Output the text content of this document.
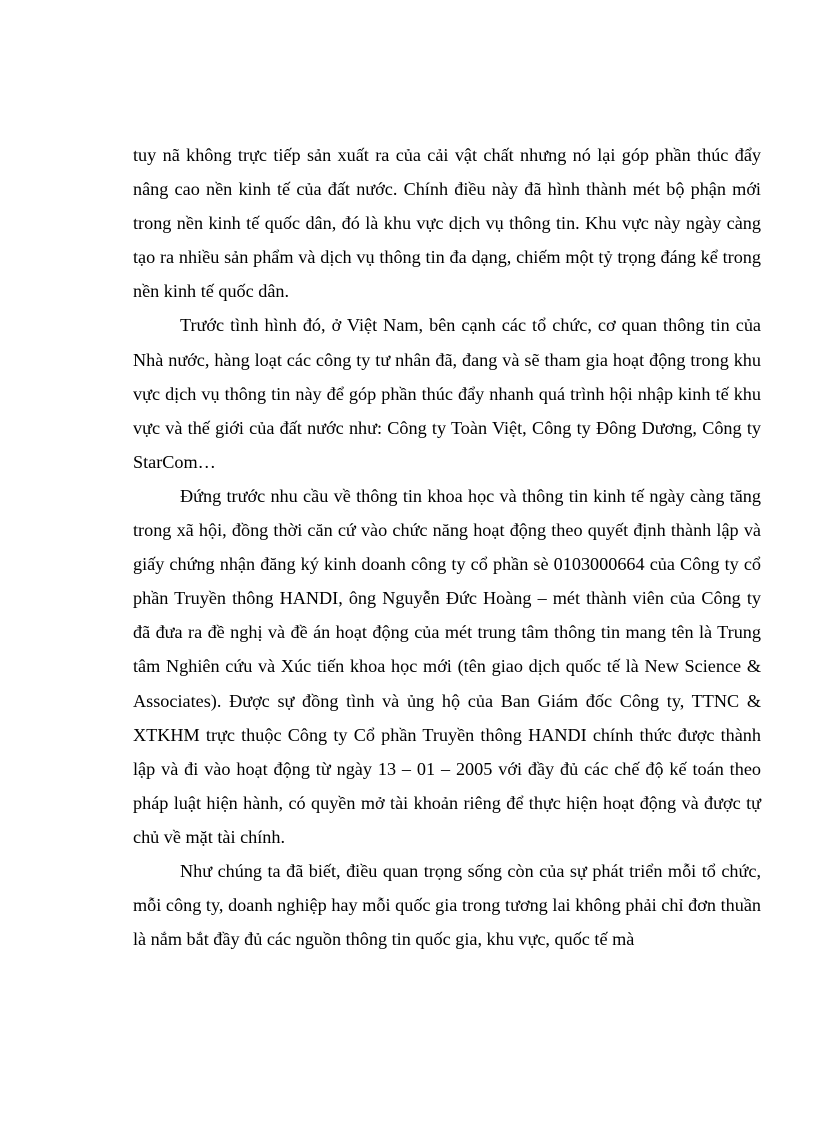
tuy nã không trực tiếp sản xuất ra của cải vật chất nhưng nó lại góp phần thúc đẩy nâng cao nền kinh tế của đất nước. Chính điều này đã hình thành mét bộ phận mới trong nền kinh tế quốc dân, đó là khu vực dịch vụ thông tin. Khu vực này ngày càng tạo ra nhiều sản phẩm và dịch vụ thông tin đa dạng, chiếm một tỷ trọng đáng kể trong nền kinh tế quốc dân.

Trước tình hình đó, ở Việt Nam, bên cạnh các tổ chức, cơ quan thông tin của Nhà nước, hàng loạt các công ty tư nhân đã, đang và sẽ tham gia hoạt động trong khu vực dịch vụ thông tin này để góp phần thúc đẩy nhanh quá trình hội nhập kinh tế khu vực và thế giới của đất nước như: Công ty Toàn Việt, Công ty Đông Dương, Công ty StarCom…

Đứng trước nhu cầu về thông tin khoa học và thông tin kinh tế ngày càng tăng trong xã hội, đồng thời căn cứ vào chức năng hoạt động theo quyết định thành lập và giấy chứng nhận đăng ký kinh doanh công ty cổ phần sè 0103000664 của Công ty cổ phần Truyền thông HANDI, ông Nguyễn Đức Hoàng – mét thành viên của Công ty đã đưa ra đề nghị và đề án hoạt động của mét trung tâm thông tin mang tên là Trung tâm Nghiên cứu và Xúc tiến khoa học mới (tên giao dịch quốc tế là New Science & Associates). Được sự đồng tình và ủng hộ của Ban Giám đốc Công ty, TTNC & XTKHM trực thuộc Công ty Cổ phần Truyền thông HANDI chính thức được thành lập và đi vào hoạt động từ ngày 13 – 01 – 2005 với đầy đủ các chế độ kế toán theo pháp luật hiện hành, có quyền mở tài khoản riêng để thực hiện hoạt động và được tự chủ về mặt tài chính.

Như chúng ta đã biết, điều quan trọng sống còn của sự phát triển mỗi tổ chức, mỗi công ty, doanh nghiệp hay mỗi quốc gia trong tương lai không phải chỉ đơn thuần là nắm bắt đầy đủ các nguồn thông tin quốc gia, khu vực, quốc tế mà
